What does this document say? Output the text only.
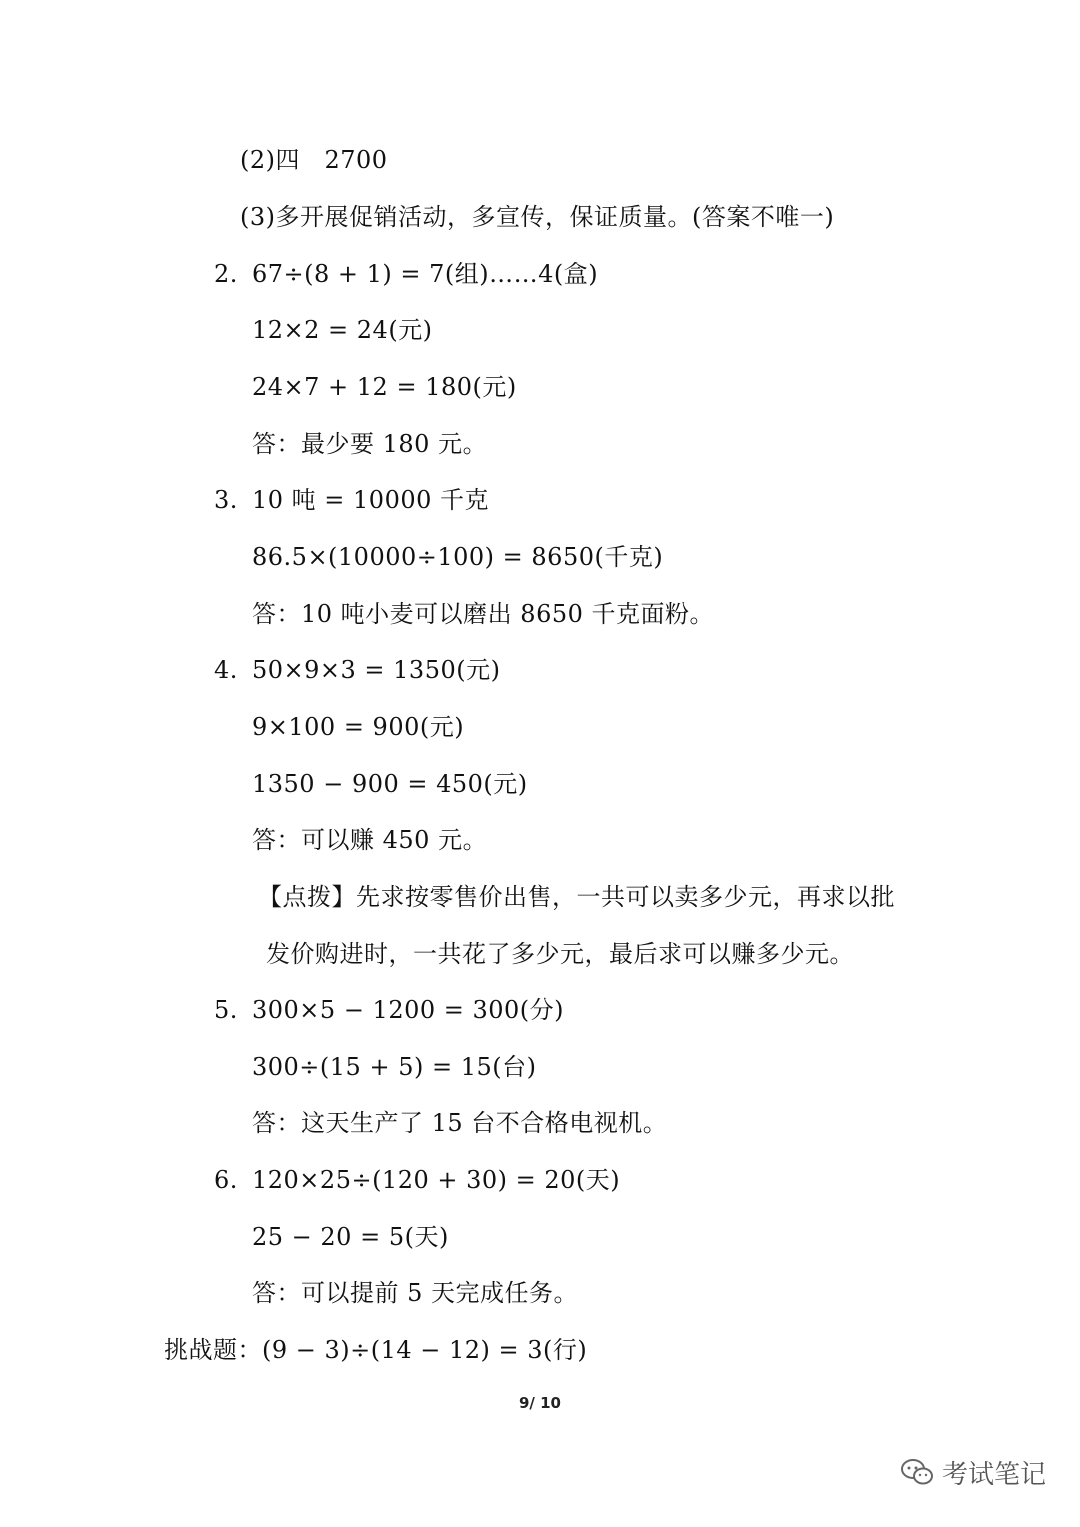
(2)四　2700
(3)多开展促销活动，多宣传，保证质量。(答案不唯一)
2. 67÷(8 + 1) = 7(组)……4(盒)
12×2 = 24(元)
24×7 + 12 = 180(元)
答：最少要 180 元。
3. 10 吨 = 10000 千克
86.5×(10000÷100) = 8650(千克)
答：10 吨小麦可以磨出 8650 千克面粉。
4. 50×9×3 = 1350(元)
9×100 = 900(元)
1350 − 900 = 450(元)
答：可以赚 450 元。
【点拨】先求按零售价出售，一共可以卖多少元，再求以批
发价购进时，一共花了多少元，最后求可以赚多少元。
5. 300×5 − 1200 = 300(分)
300÷(15 + 5) = 15(台)
答：这天生产了 15 台不合格电视机。
6. 120×25÷(120 + 30) = 20(天)
25 − 20 = 5(天)
答：可以提前 5 天完成任务。
挑战题：(9 − 3)÷(14 − 12) = 3(行)
9/ 10
考试笔记
